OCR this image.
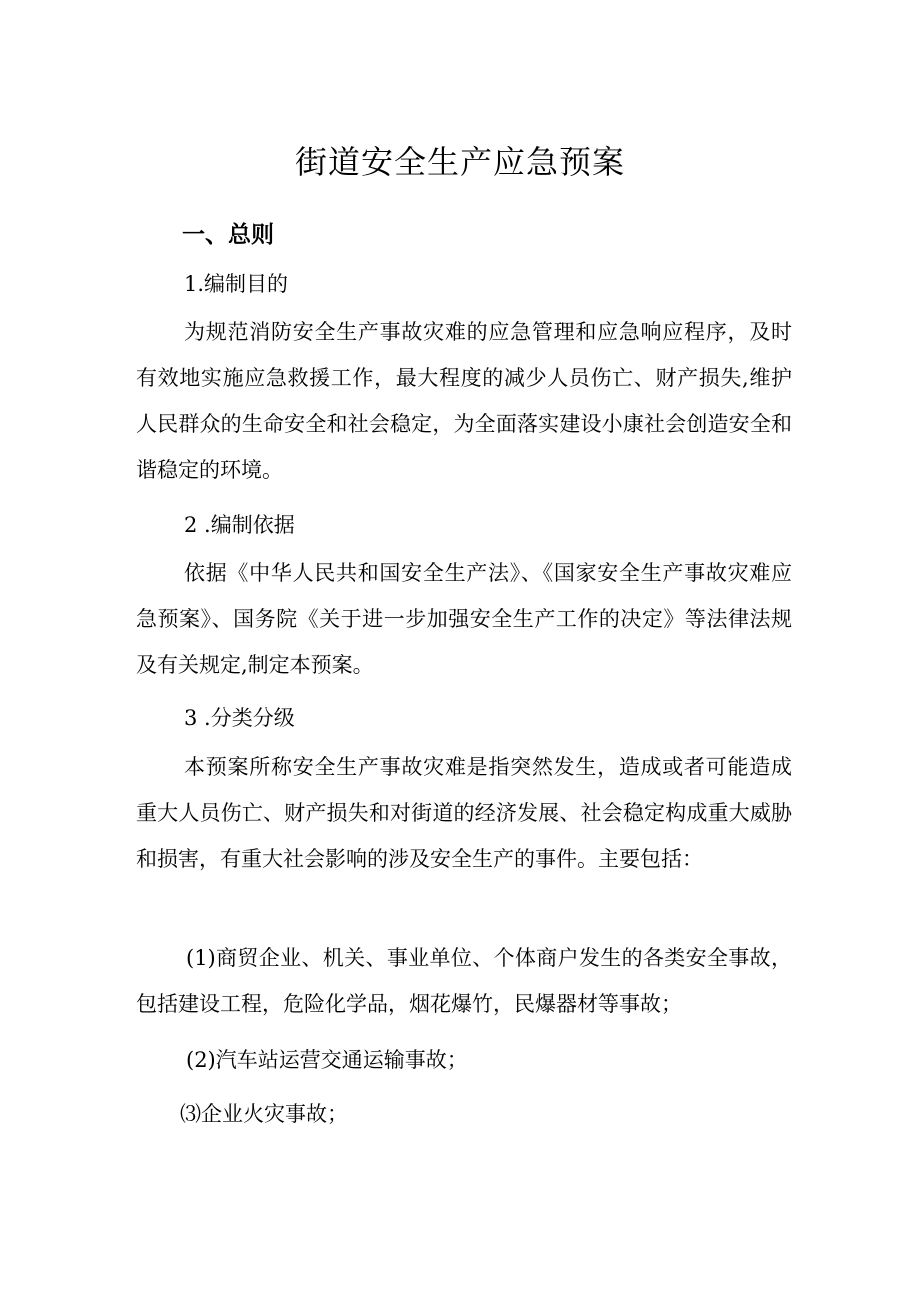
街道安全生产应急预案
一、总则
1.编制目的

为规范消防安全生产事故灾难的应急管理和应急响应程序，及时有效地实施应急救援工作，最大程度的减少人员伤亡、财产损失,维护人民群众的生命安全和社会稳定，为全面落实建设小康社会创造安全和谐稳定的环境。

2 .编制依据

依据《中华人民共和国安全生产法》、《国家安全生产事故灾难应急预案》、国务院《关于进一步加强安全生产工作的决定》等法律法规及有关规定,制定本预案。

3 .分类分级

本预案所称安全生产事故灾难是指突然发生，造成或者可能造成重大人员伤亡、财产损失和对街道的经济发展、社会稳定构成重大威胁和损害，有重大社会影响的涉及安全生产的事件。主要包括：

(1)商贸企业、机关、事业单位、个体商户发生的各类安全事故，包括建设工程，危险化学品，烟花爆竹，民爆器材等事故；

(2)汽车站运营交通运输事故；

⑶企业火灾事故；
